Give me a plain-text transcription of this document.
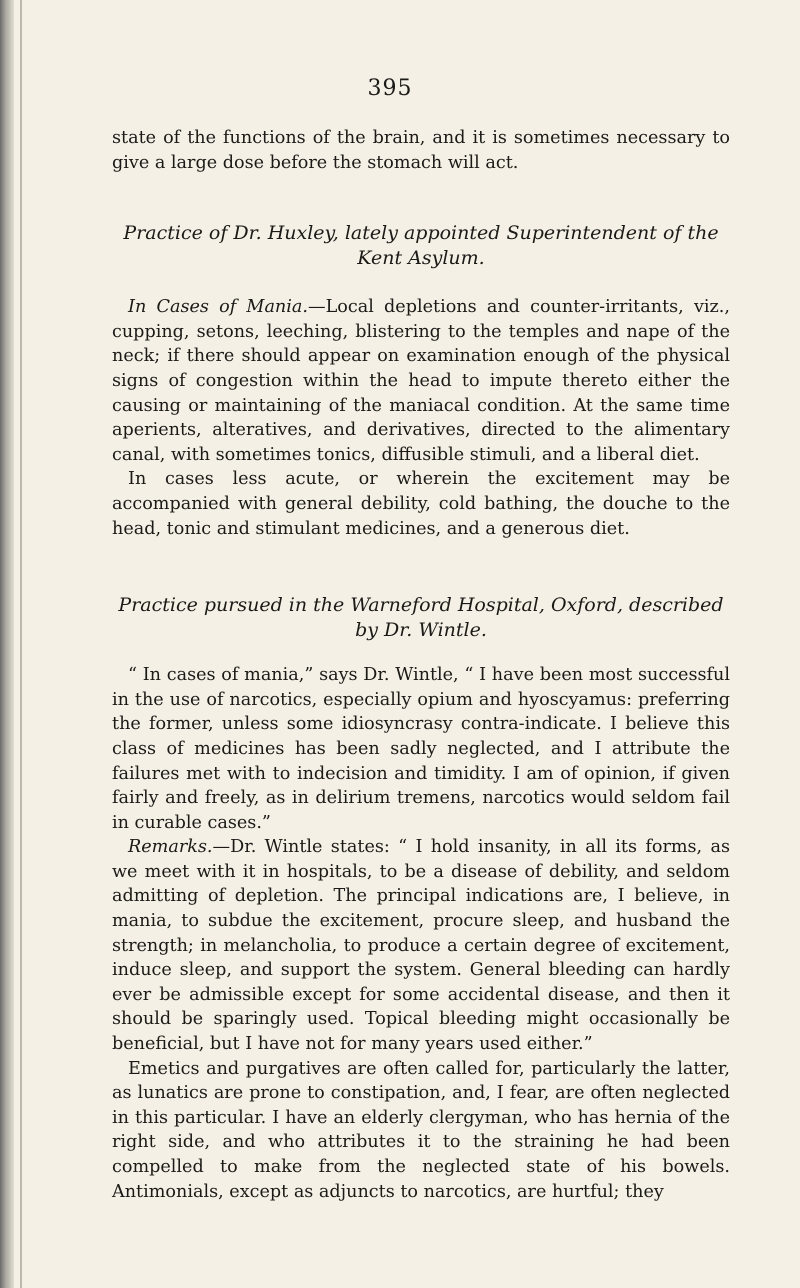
395

state of the functions of the brain, and it is sometimes necessary to give a large dose before the stomach will act.

Practice of Dr. Huxley, lately appointed Superintendent of the
Kent Asylum.

In Cases of Mania.—Local depletions and counter-irritants, viz., cupping, setons, leeching, blistering to the temples and nape of the neck; if there should appear on examination enough of the physical signs of congestion within the head to impute thereto either the causing or maintaining of the maniacal condition. At the same time aperients, alteratives, and derivatives, directed to the alimentary canal, with sometimes tonics, diffusible stimuli, and a liberal diet.

In cases less acute, or wherein the excitement may be accompanied with general debility, cold bathing, the douche to the head, tonic and stimulant medicines, and a generous diet.

Practice pursued in the Warneford Hospital, Oxford, described
by Dr. Wintle.

“ In cases of mania,” says Dr. Wintle, “ I have been most successful in the use of narcotics, especially opium and hyoscyamus: preferring the former, unless some idiosyncrasy contra-indicate. I believe this class of medicines has been sadly neglected, and I attribute the failures met with to indecision and timidity. I am of opinion, if given fairly and freely, as in delirium tremens, narcotics would seldom fail in curable cases.”

Remarks.—Dr. Wintle states: “ I hold insanity, in all its forms, as we meet with it in hospitals, to be a disease of debility, and seldom admitting of depletion. The principal indications are, I believe, in mania, to subdue the excitement, procure sleep, and husband the strength; in melancholia, to produce a certain degree of excitement, induce sleep, and support the system. General bleeding can hardly ever be admissible except for some accidental disease, and then it should be sparingly used. Topical bleeding might occasionally be beneficial, but I have not for many years used either.”

Emetics and purgatives are often called for, particularly the latter, as lunatics are prone to constipation, and, I fear, are often neglected in this particular. I have an elderly clergyman, who has hernia of the right side, and who attributes it to the straining he had been compelled to make from the neglected state of his bowels. Antimonials, except as adjuncts to narcotics, are hurtful; they
